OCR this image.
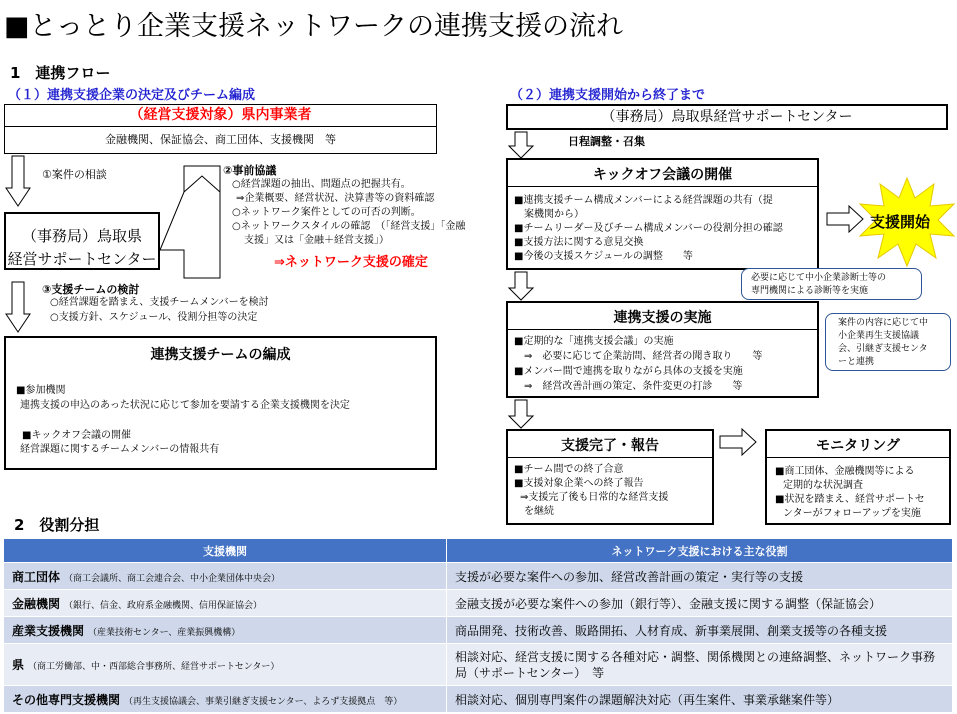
■とっとり企業支援ネットワークの連携支援の流れ
1　連携フロー
（１）連携支援企業の決定及びチーム編成
（経営支援対象）県内事業者
金融機関、保証協会、商工団体、支援機関　等
①案件の相談
（事務局）鳥取県
経営サポートセンター
②事前協議
○経営課題の抽出、問題点の把握共有。
⇒企業概要、経営状況、決算書等の資料確認
○ネットワーク案件としての可否の判断。
○ネットワークスタイルの確認　（「経営支援」「金融
支援」又は「金融＋経営支援」）
⇒ネットワーク支援の確定
③支援チームの検討
○経営課題を踏まえ、支援チームメンバーを検討
○支援方針、スケジュール、役割分担等の決定
連携支援チームの編成
■参加機関
連携支援の申込のあった状況に応じて参加を要請する企業支援機関を決定
■キックオフ会議の開催
経営課題に関するチームメンバーの情報共有
（２）連携支援開始から終了まで
（事務局）鳥取県経営サポートセンター
日程調整・召集
キックオフ会議の開催
■連携支援チーム構成メンバーによる経営課題の共有（提
案機関から）
■チームリーダー及びチーム構成メンバーの役割分担の確認
■支援方法に関する意見交換
■今後の支援スケジュールの調整　　等
支援開始
必要に応じて中小企業診断士等の
専門機関による診断等を実施
連携支援の実施
■定期的な「連携支援会議」の実施
⇒　必要に応じて企業訪問、経営者の聞き取り　　等
■メンバー間で連携を取りながら具体の支援を実施
⇒　経営改善計画の策定、条件変更の打診　　等
案件の内容に応じて中
小企業再生支援協議
会、引継ぎ支援センタ
ーと連携
支援完了・報告
■チーム間での終了合意
■支援対象企業への終了報告
⇒支援完了後も日常的な経営支援
を継続
モニタリング
■商工団体、金融機関等による
定期的な状況調査
■状況を踏まえ、経営サポートセ
ンターがフォローアップを実施
2　役割分担
支援機関	ネットワーク支援における主な役割
商工団体 （商工会議所、商工会連合会、中小企業団体中央会）	支援が必要な案件への参加、経営改善計画の策定・実行等の支援
金融機関 （銀行、信金、政府系金融機関、信用保証協会）	金融支援が必要な案件への参加（銀行等）、金融支援に関する調整（保証協会）
産業支援機関 （産業技術センター、産業振興機構）	商品開発、技術改善、販路開拓、人材育成、新事業展開、創業支援等の各種支援
県 （商工労働部、中・西部総合事務所、経営サポートセンター）	相談対応、経営支援に関する各種対応・調整、関係機関との連絡調整、ネットワーク事務局（サポートセンター）　等
その他専門支援機関 （再生支援協議会、事業引継ぎ支援センター、よろず支援拠点　等）	相談対応、個別専門案件の課題解決対応（再生案件、事業承継案件等）
